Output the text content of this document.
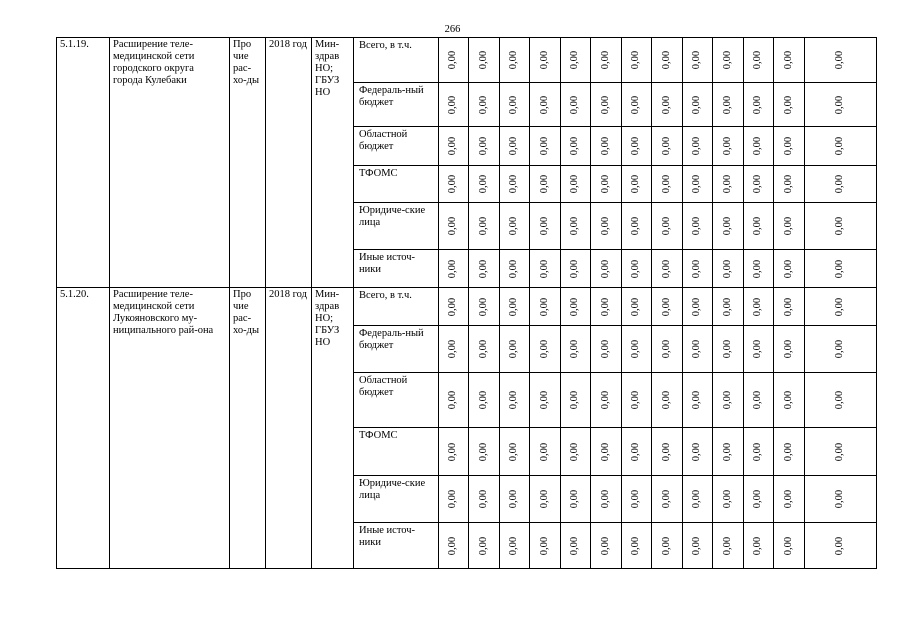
266
5.1.19.	Расширение теле-медицинской сети городского округа города Кулебаки	Про чие рас-хо-ды	2018 год	Мин-здрав НО; ГБУЗ НО	Всего, в т.ч.	0,00	0,00	0,00	0,00	0,00	0,00	0,00	0,00	0,00	0,00	0,00	0,00	0,00
					Федераль-ный бюджет	0,00	0,00	0,00	0,00	0,00	0,00	0,00	0,00	0,00	0,00	0,00	0,00	0,00
					Областной бюджет	0,00	0,00	0,00	0,00	0,00	0,00	0,00	0,00	0,00	0,00	0,00	0,00	0,00
					ТФОМС	0,00	0,00	0,00	0,00	0,00	0,00	0,00	0,00	0,00	0,00	0,00	0,00	0,00
					Юридиче-ские лица	0,00	0,00	0,00	0,00	0,00	0,00	0,00	0,00	0,00	0,00	0,00	0,00	0,00
					Иные источ-ники	0,00	0,00	0,00	0,00	0,00	0,00	0,00	0,00	0,00	0,00	0,00	0,00	0,00
5.1.20.	Расширение теле-медицинской сети Лукояновского му-ниципального рай-она	Про чие рас-хо-ды	2018 год	Мин-здрав НО; ГБУЗ НО	Всего, в т.ч.	0,00	0,00	0,00	0,00	0,00	0,00	0,00	0,00	0,00	0,00	0,00	0,00	0,00
					Федераль-ный бюджет	0,00	0,00	0,00	0,00	0,00	0,00	0,00	0,00	0,00	0,00	0,00	0,00	0,00
					Областной бюджет	0,00	0,00	0,00	0,00	0,00	0,00	0,00	0,00	0,00	0,00	0,00	0,00	0,00
					ТФОМС	0,00	0,00	0,00	0,00	0,00	0,00	0,00	0,00	0,00	0,00	0,00	0,00	0,00
					Юридиче-ские лица	0,00	0,00	0,00	0,00	0,00	0,00	0,00	0,00	0,00	0,00	0,00	0,00	0,00
					Иные источ-ники	0,00	0,00	0,00	0,00	0,00	0,00	0,00	0,00	0,00	0,00	0,00	0,00	0,00
